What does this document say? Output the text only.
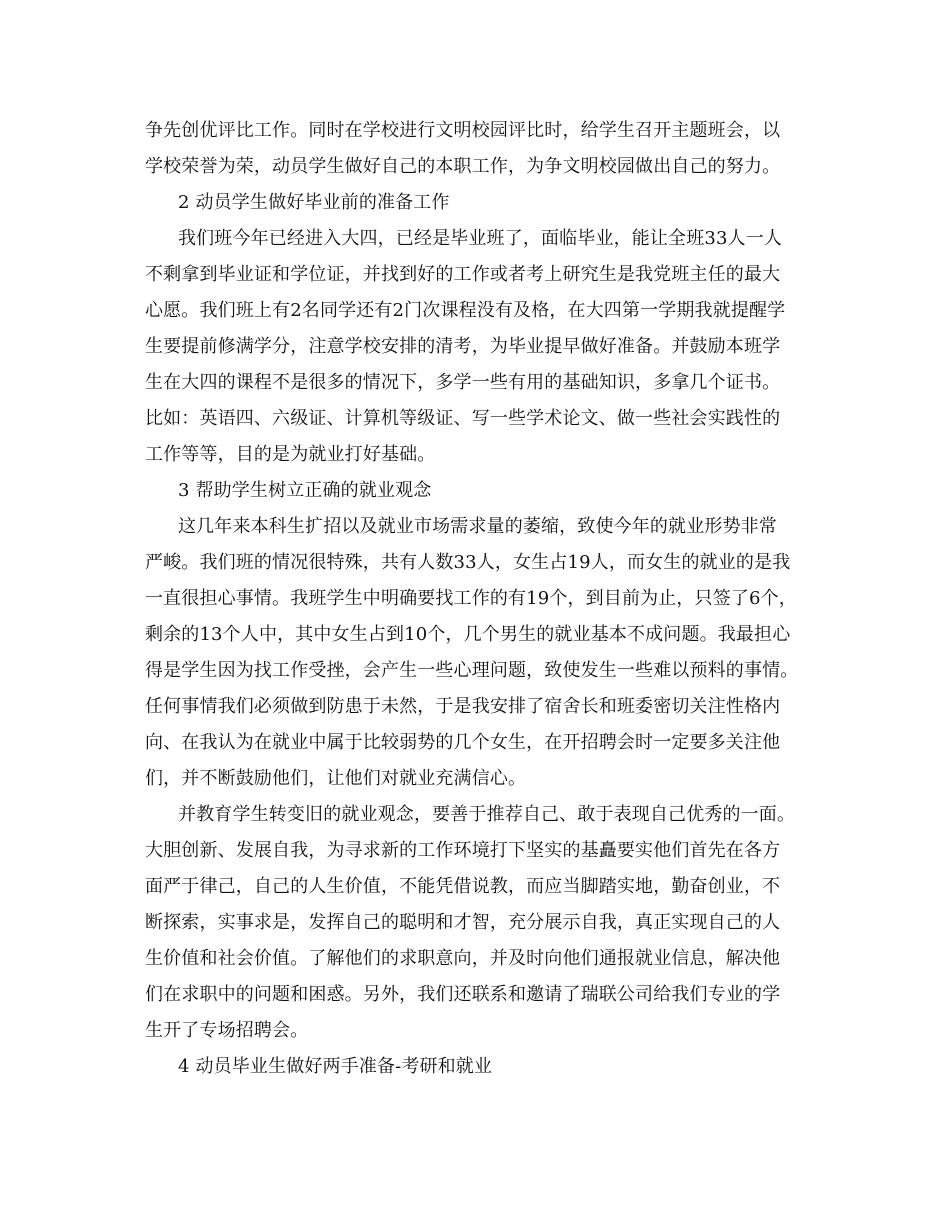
争先创优评比工作。同时在学校进行文明校园评比时，给学生召开主题班会，以
学校荣誉为荣，动员学生做好自己的本职工作，为争文明校园做出自己的努力。
2 动员学生做好毕业前的准备工作
我们班今年已经进入大四，已经是毕业班了，面临毕业，能让全班33人一人
不剩拿到毕业证和学位证，并找到好的工作或者考上研究生是我党班主任的最大
心愿。我们班上有2名同学还有2门次课程没有及格，在大四第一学期我就提醒学
生要提前修满学分，注意学校安排的清考，为毕业提早做好准备。并鼓励本班学
生在大四的课程不是很多的情况下，多学一些有用的基础知识，多拿几个证书。
比如：英语四、六级证、计算机等级证、写一些学术论文、做一些社会实践性的
工作等等，目的是为就业打好基础。
3 帮助学生树立正确的就业观念
这几年来本科生扩招以及就业市场需求量的萎缩，致使今年的就业形势非常
严峻。我们班的情况很特殊，共有人数33人，女生占19人，而女生的就业的是我
一直很担心事情。我班学生中明确要找工作的有19个，到目前为止，只签了6个，
剩余的13个人中，其中女生占到10个，几个男生的就业基本不成问题。我最担心
得是学生因为找工作受挫，会产生一些心理问题，致使发生一些难以预料的事情。
任何事情我们必须做到防患于未然，于是我安排了宿舍长和班委密切关注性格内
向、在我认为在就业中属于比较弱势的几个女生，在开招聘会时一定要多关注他
们，并不断鼓励他们，让他们对就业充满信心。
并教育学生转变旧的就业观念，要善于推荐自己、敢于表现自己优秀的一面。
大胆创新、发展自我，为寻求新的工作环境打下坚实的基矗要实他们首先在各方
面严于律己，自己的人生价值，不能凭借说教，而应当脚踏实地，勤奋创业，不
断探索，实事求是，发挥自己的聪明和才智，充分展示自我，真正实现自己的人
生价值和社会价值。了解他们的求职意向，并及时向他们通报就业信息，解决他
们在求职中的问题和困惑。另外，我们还联系和邀请了瑞联公司给我们专业的学
生开了专场招聘会。
4 动员毕业生做好两手准备-考研和就业
